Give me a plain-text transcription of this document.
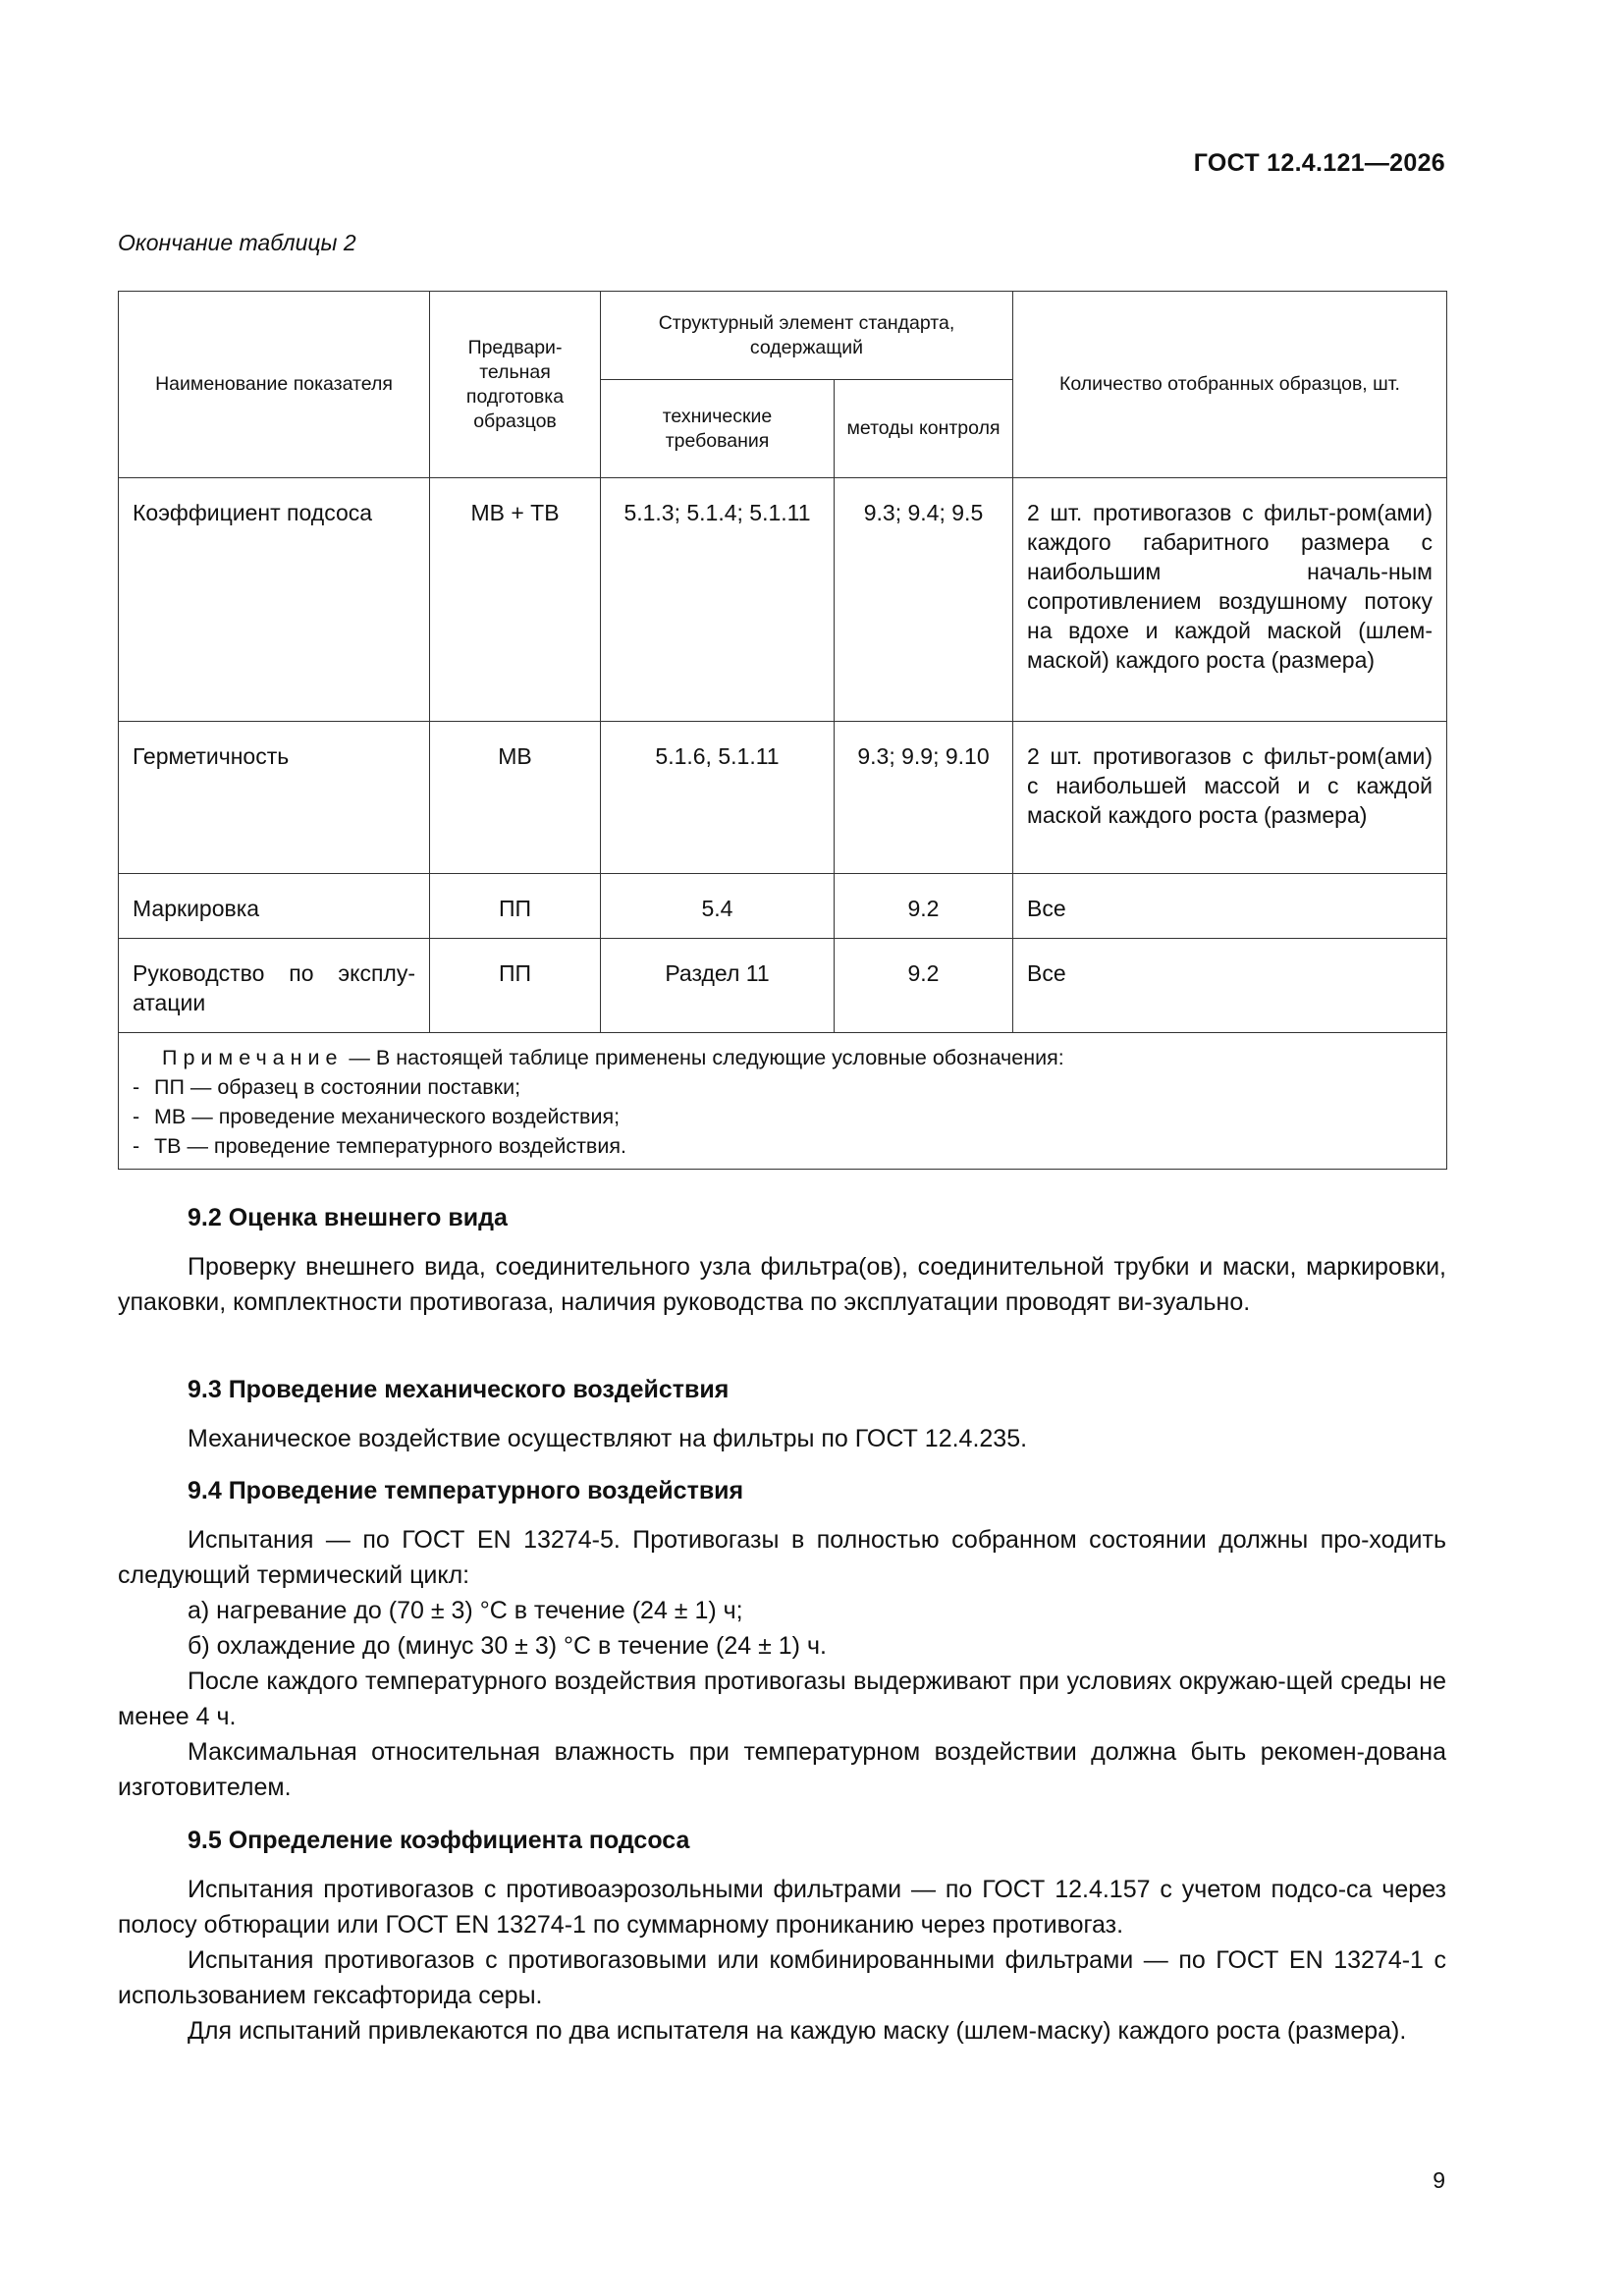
ГОСТ 12.4.121—2026
Окончание таблицы 2
Наименование показателя	Предвари-тельная подготовка образцов	Структурный элемент стандарта, содержащий		Количество отобранных образцов, шт.
		технические требования	методы контроля	

Коэффициент подсоса	МВ + ТВ	5.1.3; 5.1.4; 5.1.11	9.3; 9.4; 9.5	2 шт. противогазов с фильт-ром(ами) каждого габаритного размера с наибольшим началь-ным сопротивлением воздушному потоку на вдохе и каждой маской (шлем-маской) каждого роста (размера)

Герметичность	МВ	5.1.6, 5.1.11	9.3; 9.9; 9.10	2 шт. противогазов с фильт-ром(ами) с наибольшей массой и с каждой маской каждого роста (размера)

Маркировка	ПП	5.4	9.2	Все

Руководство по эксплу-атации	ПП	Раздел 11	9.2	Все

Примечание — В настоящей таблице применены следующие условные обозначения:
- ПП — образец в состоянии поставки;
- МВ — проведение механического воздействия;
- ТВ — проведение температурного воздействия.				
9.2 Оценка внешнего вида

Проверку внешнего вида, соединительного узла фильтра(ов), соединительной трубки и маски, маркировки, упаковки, комплектности противогаза, наличия руководства по эксплуатации проводят ви-зуально.

9.3 Проведение механического воздействия

Механическое воздействие осуществляют на фильтры по ГОСТ 12.4.235.

9.4 Проведение температурного воздействия

Испытания — по ГОСТ EN 13274-5. Противогазы в полностью собранном состоянии должны про-ходить следующий термический цикл:

а) нагревание до (70 ± 3) °С в течение (24 ± 1) ч;

б) охлаждение до (минус 30 ± 3) °С в течение (24 ± 1) ч.

После каждого температурного воздействия противогазы выдерживают при условиях окружаю-щей среды не менее 4 ч.

Максимальная относительная влажность при температурном воздействии должна быть рекомен-дована изготовителем.

9.5 Определение коэффициента подсоса

Испытания противогазов с противоаэрозольными фильтрами — по ГОСТ 12.4.157 с учетом подсо-са через полосу обтюрации или ГОСТ EN 13274-1 по суммарному прониканию через противогаз.

Испытания противогазов с противогазовыми или комбинированными фильтрами — по ГОСТ EN 13274-1 с использованием гексафторида серы.

Для испытаний привлекаются по два испытателя на каждую маску (шлем-маску) каждого роста (размера).

9
